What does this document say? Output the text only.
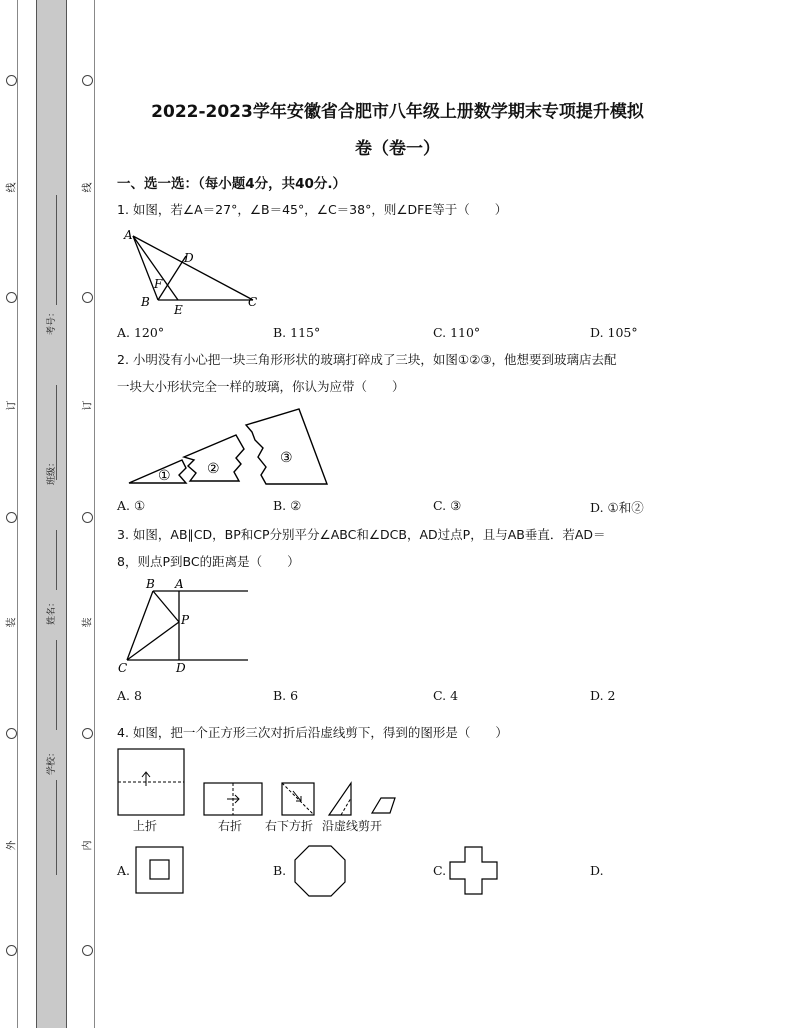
线
订
装
外
线
订
装
内
考号：
班级：
姓名：
学校：
2022-2023学年安徽省合肥市八年级上册数学期末专项提升模拟
卷（卷一）
一、选一选：（每小题4分，共40分.）
1. 如图，若∠A＝27°，∠B＝45°，∠C＝38°，则∠DFE等于（　　）
A
D
F
B
E
C
A. 120°	B. 115°	C. 110°	D. 105°
2. 小明没有小心把一块三角形形状的玻璃打碎成了三块，如图①②③，他想要到玻璃店去配
一块大小形状完全一样的玻璃，你认为应带（　　）
①	②
③
A. ①	B. ②	C. ③	D. ①和②
3. 如图，AB∥CD，BP和CP分别平分∠ABC和∠DCB，AD过点P，且与AB垂直．若AD＝
8，则点P到BC的距离是（　　）
B A
P
C	D
A. 8	B. 6	C. 4	D. 2
4. 如图，把一个正方形三次对折后沿虚线剪下，得到的图形是（　　）
上折	右折 右下方折 沿虚线剪开
A.	B.	C.	D.
